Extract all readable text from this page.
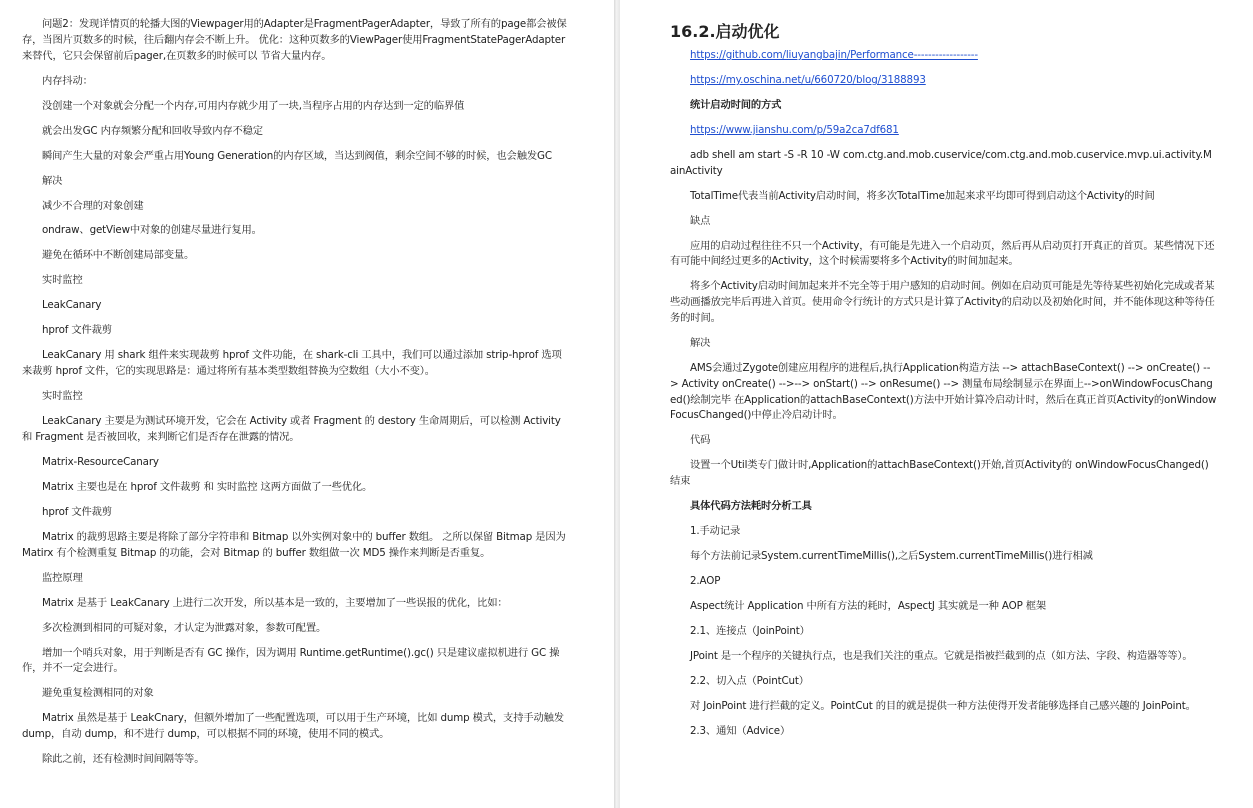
问题2：发现详情页的轮播大图的Viewpager用的Adapter是FragmentPagerAdapter，导致了所有的page都会被保存，当图片页数多的时候，往后翻内存会不断上升。 优化：这种页数多的ViewPager使用FragmentStatePagerAdapter来替代，它只会保留前后pager,在页数多的时候可以 节省大量内存。

内存抖动：

没创建一个对象就会分配一个内存,可用内存就少用了一块,当程序占用的内存达到一定的临界值

就会出发GC 内存频繁分配和回收导致内存不稳定

瞬间产生大量的对象会严重占用Young Generation的内存区域，当达到阀值，剩余空间不够的时候，也会触发GC

解决

减少不合理的对象创建

ondraw、getView中对象的创建尽量进行复用。

避免在循环中不断创建局部变量。

实时监控

LeakCanary

hprof 文件裁剪

LeakCanary 用 shark 组件来实现裁剪 hprof 文件功能，在 shark-cli 工具中，我们可以通过添加 strip-hprof 选项来裁剪 hprof 文件，它的实现思路是：通过将所有基本类型数组替换为空数组（大小不变）。

实时监控

LeakCanary 主要是为测试环境开发，它会在 Activity 或者 Fragment 的 destory 生命周期后，可以检测 Activity 和 Fragment 是否被回收，来判断它们是否存在泄露的情况。

Matrix-ResourceCanary

Matrix 主要也是在 hprof 文件裁剪 和 实时监控 这两方面做了一些优化。

hprof 文件裁剪

Matrix 的裁剪思路主要是将除了部分字符串和 Bitmap 以外实例对象中的 buffer 数组。 之所以保留 Bitmap 是因为 Matirx 有个检测重复 Bitmap 的功能，会对 Bitmap 的 buffer 数组做一次 MD5 操作来判断是否重复。

监控原理

Matrix 是基于 LeakCanary 上进行二次开发，所以基本是一致的，主要增加了一些误报的优化，比如：

多次检测到相同的可疑对象，才认定为泄露对象，参数可配置。

增加一个哨兵对象，用于判断是否有 GC 操作，因为调用 Runtime.getRuntime().gc() 只是建议虚拟机进行 GC 操作，并不一定会进行。

避免重复检测相同的对象

Matrix 虽然是基于 LeakCnary，但额外增加了一些配置选项，可以用于生产环境，比如 dump 模式，支持手动触发 dump，自动 dump，和不进行 dump，可以根据不同的环境，使用不同的模式。

除此之前，还有检测时间间隔等等。

16.2.启动优化

https://github.com/liuyangbajin/Performance------------------

https://my.oschina.net/u/660720/blog/3188893

统计启动时间的方式

https://www.jianshu.com/p/59a2ca7df681

adb shell am start -S -R 10 -W com.ctg.and.mob.cuservice/com.ctg.and.mob.cuservice.mvp.ui.activity.MainActivity

TotalTime代表当前Activity启动时间，将多次TotalTime加起来求平均即可得到启动这个Activity的时间

缺点

应用的启动过程往往不只一个Activity，有可能是先进入一个启动页，然后再从启动页打开真正的首页。某些情况下还有可能中间经过更多的Activity，这个时候需要将多个Activity的时间加起来。

将多个Activity启动时间加起来并不完全等于用户感知的启动时间。例如在启动页可能是先等待某些初始化完成或者某些动画播放完毕后再进入首页。使用命令行统计的方式只是计算了Activity的启动以及初始化时间，并不能体现这种等待任务的时间。

解决

AMS会通过Zygote创建应用程序的进程后,执行Application构造方法 --> attachBaseContext() --> onCreate() --> Activity onCreate() -->--> onStart() --> onResume() --> 测量布局绘制显示在界面上-->onWindowFocusChanged()绘制完毕 在Application的attachBaseContext()方法中开始计算冷启动计时，然后在真正首页Activity的onWindowFocusChanged()中停止冷启动计时。

代码

设置一个Util类专门做计时,Application的attachBaseContext()开始,首页Activity的 onWindowFocusChanged()结束

具体代码方法耗时分析工具

1.手动记录

每个方法前记录System.currentTimeMillis(),之后System.currentTimeMillis()进行相减

2.AOP

Aspect统计 Application 中所有方法的耗时，AspectJ 其实就是一种 AOP 框架

2.1、连接点（JoinPoint）

JPoint 是一个程序的关键执行点，也是我们关注的重点。它就是指被拦截到的点（如方法、字段、构造器等等）。

2.2、切入点（PointCut）

对 JoinPoint 进行拦截的定义。PointCut 的目的就是提供一种方法使得开发者能够选择自己感兴趣的 JoinPoint。

2.3、通知（Advice）
